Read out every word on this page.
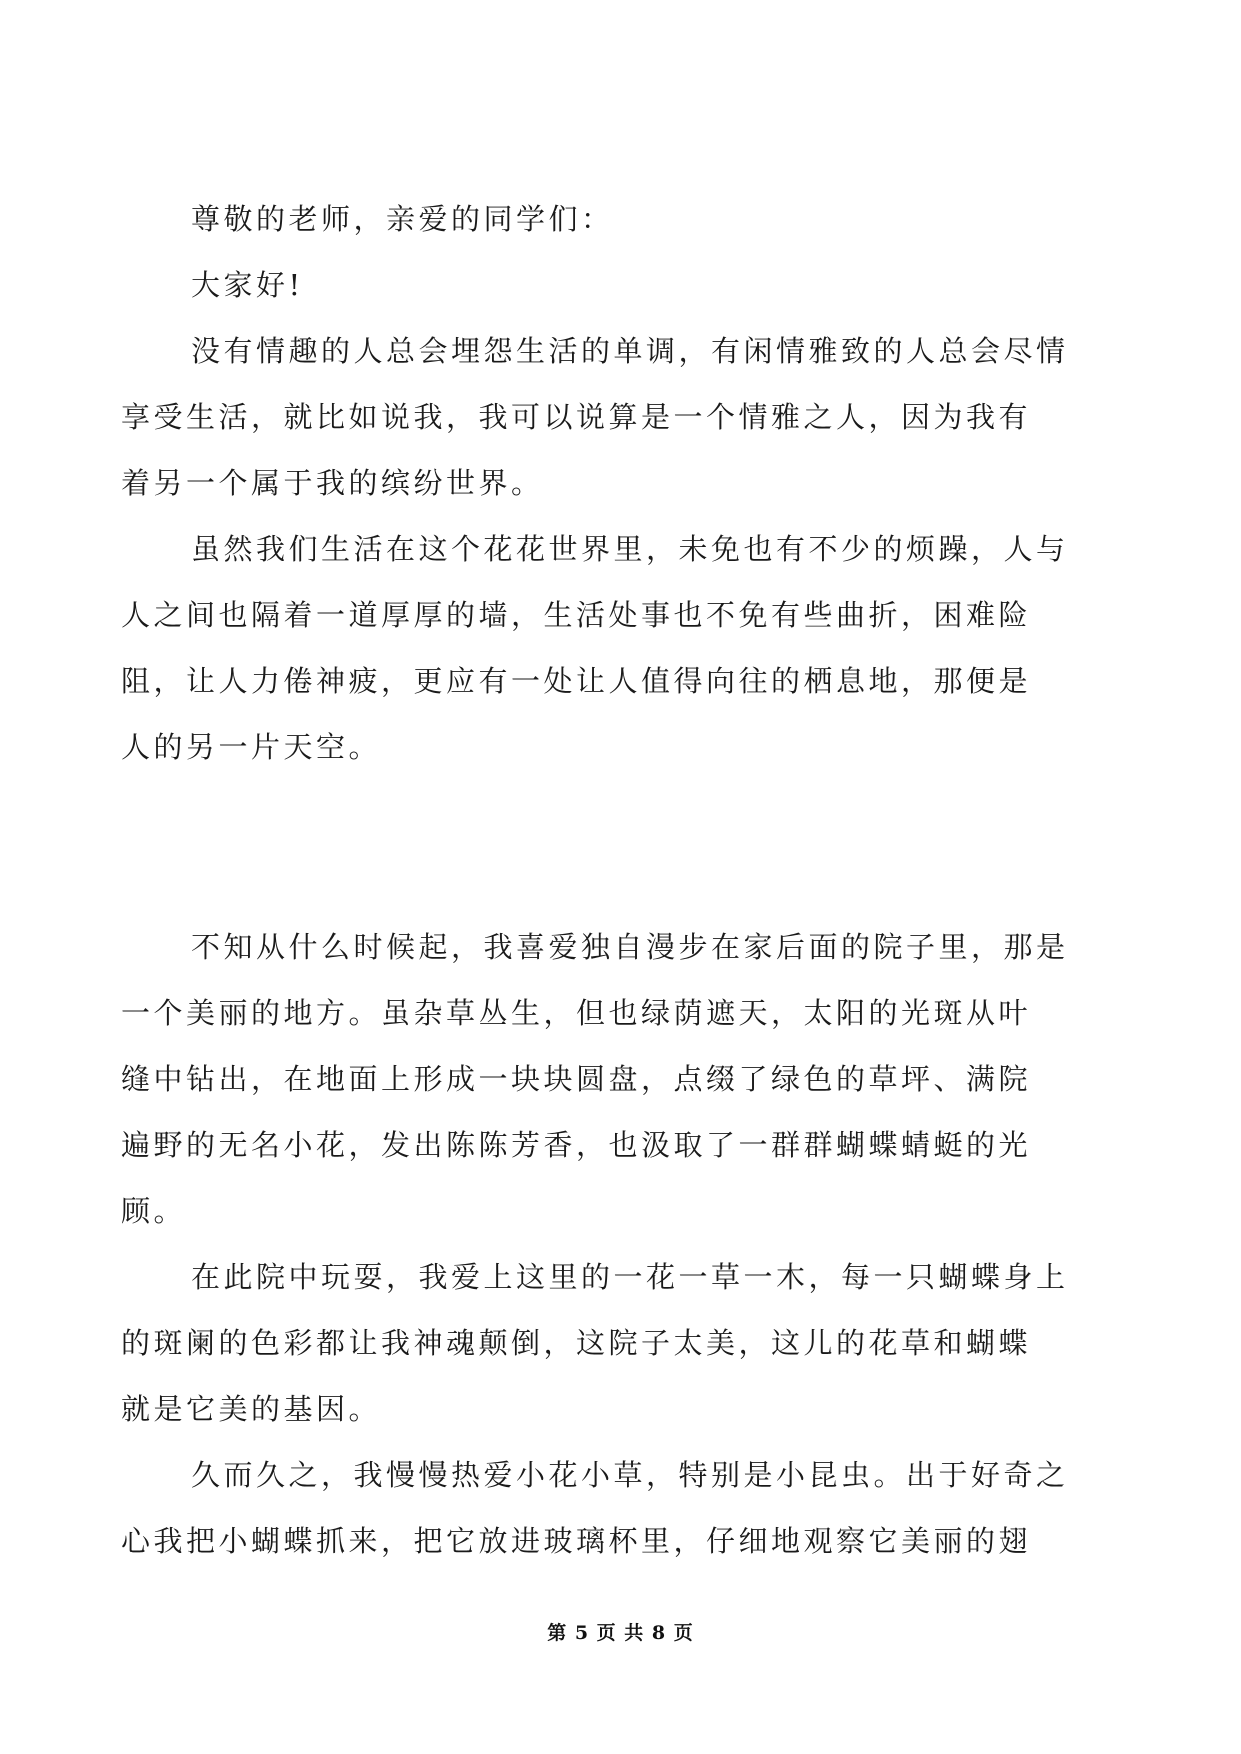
尊敬的老师，亲爱的同学们：

大家好!

没有情趣的人总会埋怨生活的单调，有闲情雅致的人总会尽情
享受生活，就比如说我，我可以说算是一个情雅之人，因为我有
着另一个属于我的缤纷世界。

虽然我们生活在这个花花世界里，未免也有不少的烦躁，人与
人之间也隔着一道厚厚的墙，生活处事也不免有些曲折，困难险
阻，让人力倦神疲，更应有一处让人值得向往的栖息地，那便是
人的另一片天空。

不知从什么时候起，我喜爱独自漫步在家后面的院子里，那是
一个美丽的地方。虽杂草丛生，但也绿荫遮天，太阳的光斑从叶
缝中钻出，在地面上形成一块块圆盘，点缀了绿色的草坪、满院
遍野的无名小花，发出陈陈芳香，也汲取了一群群蝴蝶蜻蜓的光
顾。

在此院中玩耍，我爱上这里的一花一草一木，每一只蝴蝶身上
的斑阑的色彩都让我神魂颠倒，这院子太美，这儿的花草和蝴蝶
就是它美的基因。

久而久之，我慢慢热爱小花小草，特别是小昆虫。出于好奇之
心我把小蝴蝶抓来，把它放进玻璃杯里，仔细地观察它美丽的翅

第 5 页 共 8 页
